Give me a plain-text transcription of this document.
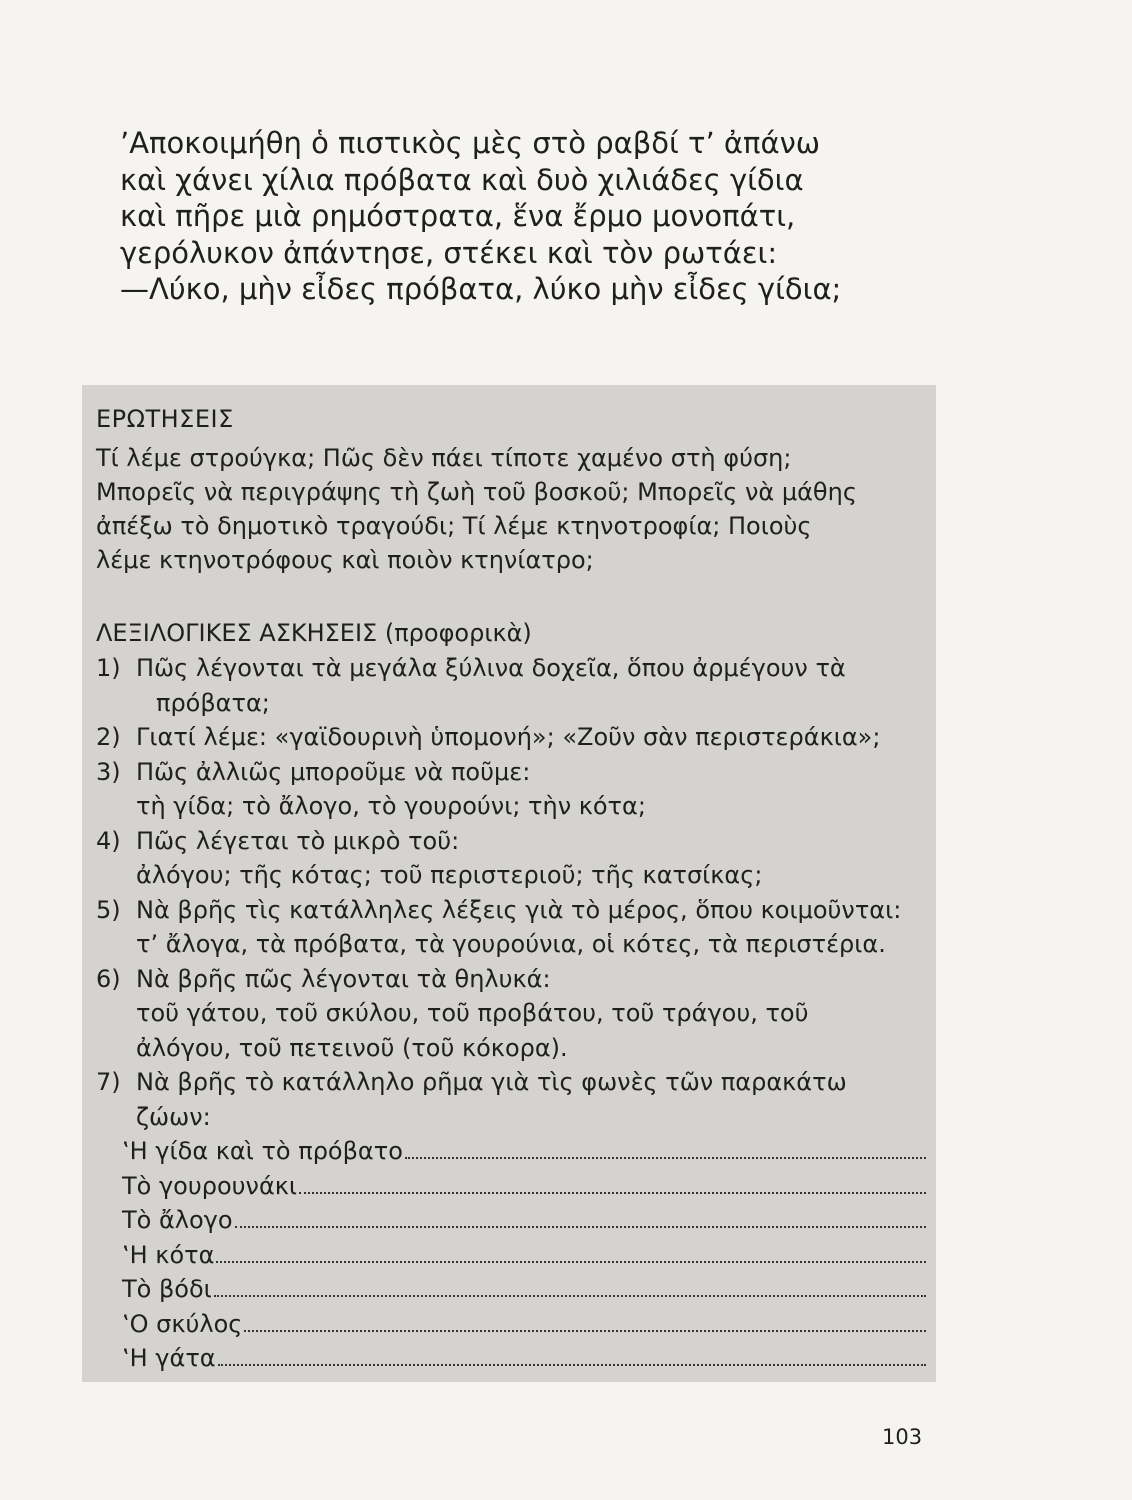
’Αποκοιμήθη ὁ πιστικὸς μὲς στὸ ραβδί τ’ ἀπάνω
καὶ χάνει χίλια πρόβατα καὶ δυὸ χιλιάδες γίδια
καὶ πῆρε μιὰ ρημόστρατα, ἕνα ἔρμο μονοπάτι,
γερόλυκον ἀπάντησε, στέκει καὶ τὸν ρωτάει:
—Λύκο, μὴν εἶδες πρόβατα, λύκο μὴν εἶδες γίδια;
ΕΡΩΤΗΣΕΙΣ
Τί λέμε στρούγκα; Πῶς δὲν πάει τίποτε χαμένο στὴ φύση;
Μπορεῖς νὰ περιγράψης τὴ ζωὴ τοῦ βοσκοῦ; Μπορεῖς νὰ μάθης
ἀπέξω τὸ δημοτικὸ τραγούδι; Τί λέμε κτηνοτροφία; Ποιοὺς
λέμε κτηνοτρόφους καὶ ποιὸν κτηνίατρο;
ΛΕΞΙΛΟΓΙΚΕΣ ΑΣΚΗΣΕΙΣ (προφορικὰ)
1) Πῶς λέγονται τὰ μεγάλα ξύλινα δοχεῖα, ὅπου ἀρμέγουν τὰ
πρόβατα;
2) Γιατί λέμε: «γαϊδουρινὴ ὑπομονή»; «Ζοῦν σὰν περιστεράκια»;
3) Πῶς ἀλλιῶς μποροῦμε νὰ ποῦμε:
τὴ γίδα; τὸ ἄλογο, τὸ γουρούνι; τὴν κότα;
4) Πῶς λέγεται τὸ μικρὸ τοῦ:
ἀλόγου; τῆς κότας; τοῦ περιστεριοῦ; τῆς κατσίκας;
5) Νὰ βρῆς τὶς κατάλληλες λέξεις γιὰ τὸ μέρος, ὅπου κοιμοῦνται:
τ’ ἄλογα, τὰ πρόβατα, τὰ γουρούνια, οἱ κότες, τὰ περιστέρια.
6) Νὰ βρῆς πῶς λέγονται τὰ θηλυκά:
τοῦ γάτου, τοῦ σκύλου, τοῦ προβάτου, τοῦ τράγου, τοῦ
ἀλόγου, τοῦ πετεινοῦ (τοῦ κόκορα).
7) Νὰ βρῆς τὸ κατάλληλο ρῆμα γιὰ τὶς φωνὲς τῶν παρακάτω
ζώων:
‛Η γίδα καὶ τὸ πρόβατο
Τὸ γουρουνάκι
Τὸ ἄλογο
‛Η κότα
Τὸ βόδι
‛Ο σκύλος
‛Η γάτα
103
